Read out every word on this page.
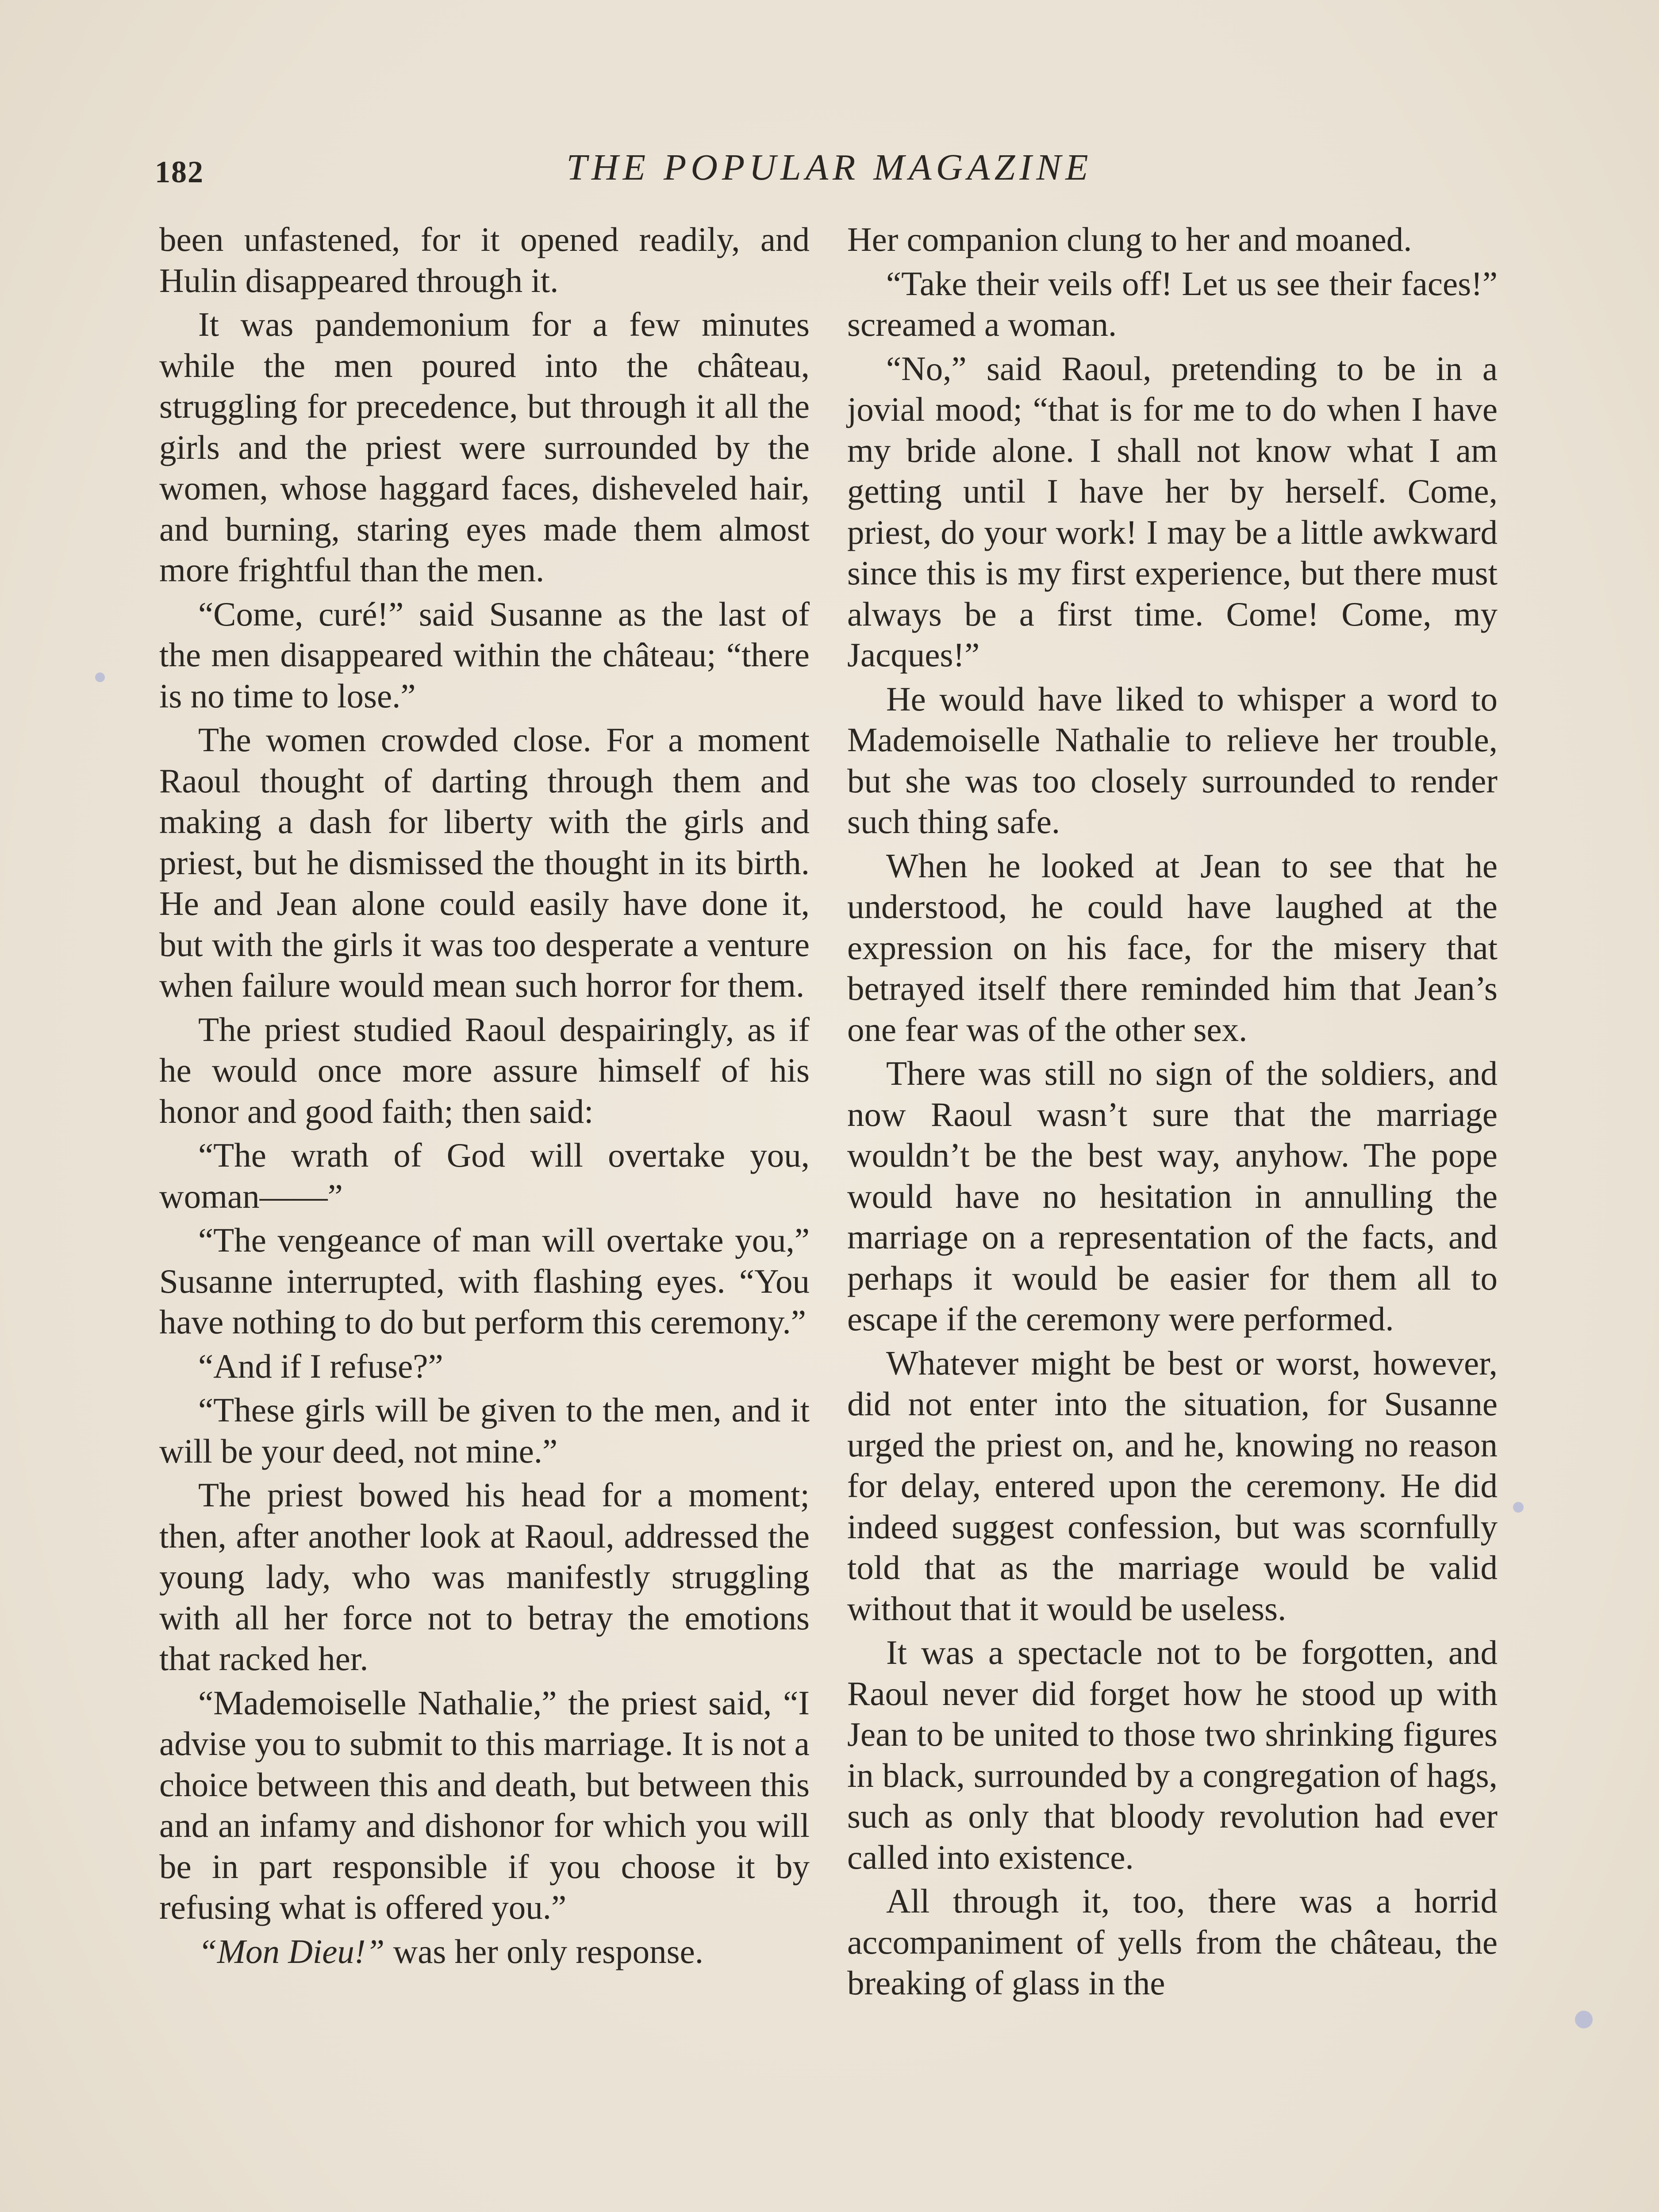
182	THE POPULAR MAGAZINE

been unfastened, for it opened readily, and Hulin disappeared through it.

It was pandemonium for a few minutes while the men poured into the château, struggling for precedence, but through it all the girls and the priest were surrounded by the women, whose haggard faces, disheveled hair, and burning, staring eyes made them almost more frightful than the men.

“Come, curé!” said Susanne as the last of the men disappeared within the château; “there is no time to lose.”

The women crowded close. For a moment Raoul thought of darting through them and making a dash for liberty with the girls and priest, but he dismissed the thought in its birth. He and Jean alone could easily have done it, but with the girls it was too desperate a venture when failure would mean such horror for them.

The priest studied Raoul despairingly, as if he would once more assure himself of his honor and good faith; then said:

“The wrath of God will overtake you, woman——”

“The vengeance of man will overtake you,” Susanne interrupted, with flashing eyes. “You have nothing to do but perform this ceremony.”

“And if I refuse?”

“These girls will be given to the men, and it will be your deed, not mine.”

The priest bowed his head for a moment; then, after another look at Raoul, addressed the young lady, who was manifestly struggling with all her force not to betray the emotions that racked her.

“Mademoiselle Nathalie,” the priest said, “I advise you to submit to this marriage. It is not a choice between this and death, but between this and an infamy and dishonor for which you will be in part responsible if you choose it by refusing what is offered you.”

“Mon Dieu!” was her only response.

Her companion clung to her and moaned.

“Take their veils off! Let us see their faces!” screamed a woman.

“No,” said Raoul, pretending to be in a jovial mood; “that is for me to do when I have my bride alone. I shall not know what I am getting until I have her by herself. Come, priest, do your work! I may be a little awkward since this is my first experience, but there must always be a first time. Come! Come, my Jacques!”

He would have liked to whisper a word to Mademoiselle Nathalie to relieve her trouble, but she was too closely surrounded to render such thing safe.

When he looked at Jean to see that he understood, he could have laughed at the expression on his face, for the misery that betrayed itself there reminded him that Jean’s one fear was of the other sex.

There was still no sign of the soldiers, and now Raoul wasn’t sure that the marriage wouldn’t be the best way, anyhow. The pope would have no hesitation in annulling the marriage on a representation of the facts, and perhaps it would be easier for them all to escape if the ceremony were performed.

Whatever might be best or worst, however, did not enter into the situation, for Susanne urged the priest on, and he, knowing no reason for delay, entered upon the ceremony. He did indeed suggest confession, but was scornfully told that as the marriage would be valid without that it would be useless.

It was a spectacle not to be forgotten, and Raoul never did forget how he stood up with Jean to be united to those two shrinking figures in black, surrounded by a congregation of hags, such as only that bloody revolution had ever called into existence.

All through it, too, there was a horrid accompaniment of yells from the château, the breaking of glass in the
